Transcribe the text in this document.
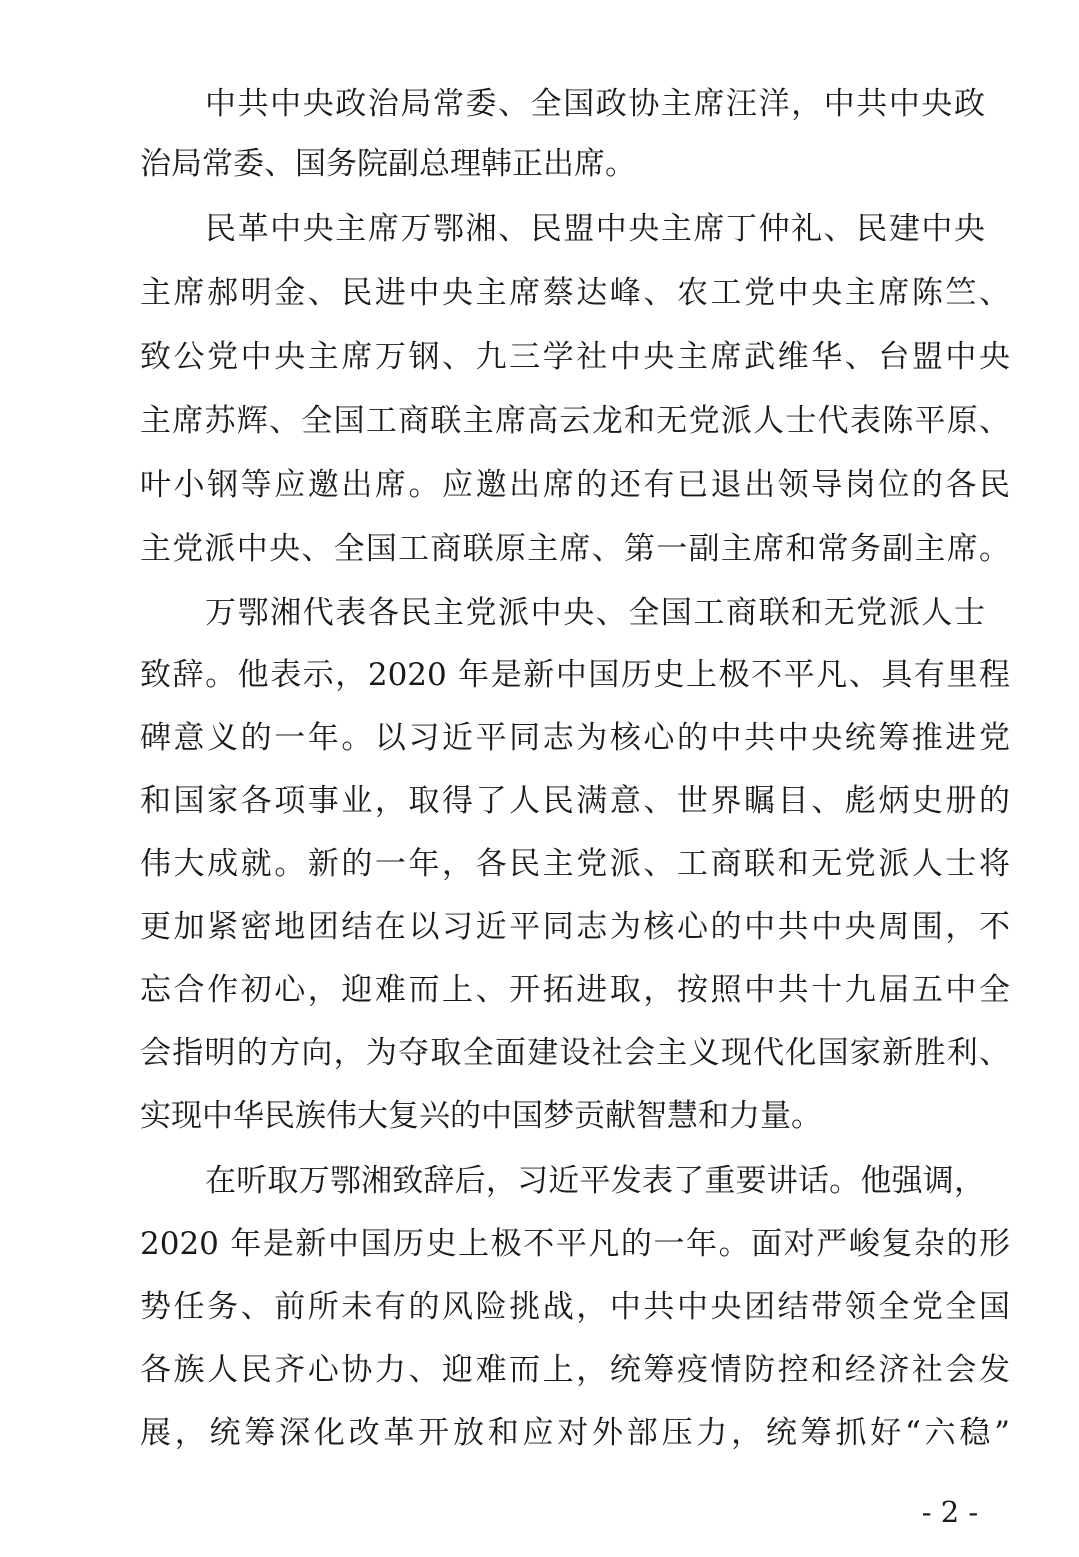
中共中央政治局常委、全国政协主席汪洋，中共中央政
治局常委、国务院副总理韩正出席。
民革中央主席万鄂湘、民盟中央主席丁仲礼、民建中央
主席郝明金、民进中央主席蔡达峰、农工党中央主席陈竺、
致公党中央主席万钢、九三学社中央主席武维华、台盟中央
主席苏辉、全国工商联主席高云龙和无党派人士代表陈平原、
叶小钢等应邀出席。应邀出席的还有已退出领导岗位的各民
主党派中央、全国工商联原主席、第一副主席和常务副主席。
万鄂湘代表各民主党派中央、全国工商联和无党派人士
致辞。他表示，2020 年是新中国历史上极不平凡、具有里程
碑意义的一年。以习近平同志为核心的中共中央统筹推进党
和国家各项事业，取得了人民满意、世界瞩目、彪炳史册的
伟大成就。新的一年，各民主党派、工商联和无党派人士将
更加紧密地团结在以习近平同志为核心的中共中央周围，不
忘合作初心，迎难而上、开拓进取，按照中共十九届五中全
会指明的方向，为夺取全面建设社会主义现代化国家新胜利、
实现中华民族伟大复兴的中国梦贡献智慧和力量。
在听取万鄂湘致辞后，习近平发表了重要讲话。他强调，
2020 年是新中国历史上极不平凡的一年。面对严峻复杂的形
势任务、前所未有的风险挑战，中共中央团结带领全党全国
各族人民齐心协力、迎难而上，统筹疫情防控和经济社会发
展，统筹深化改革开放和应对外部压力，统筹抓好“六稳”
- 2 -
